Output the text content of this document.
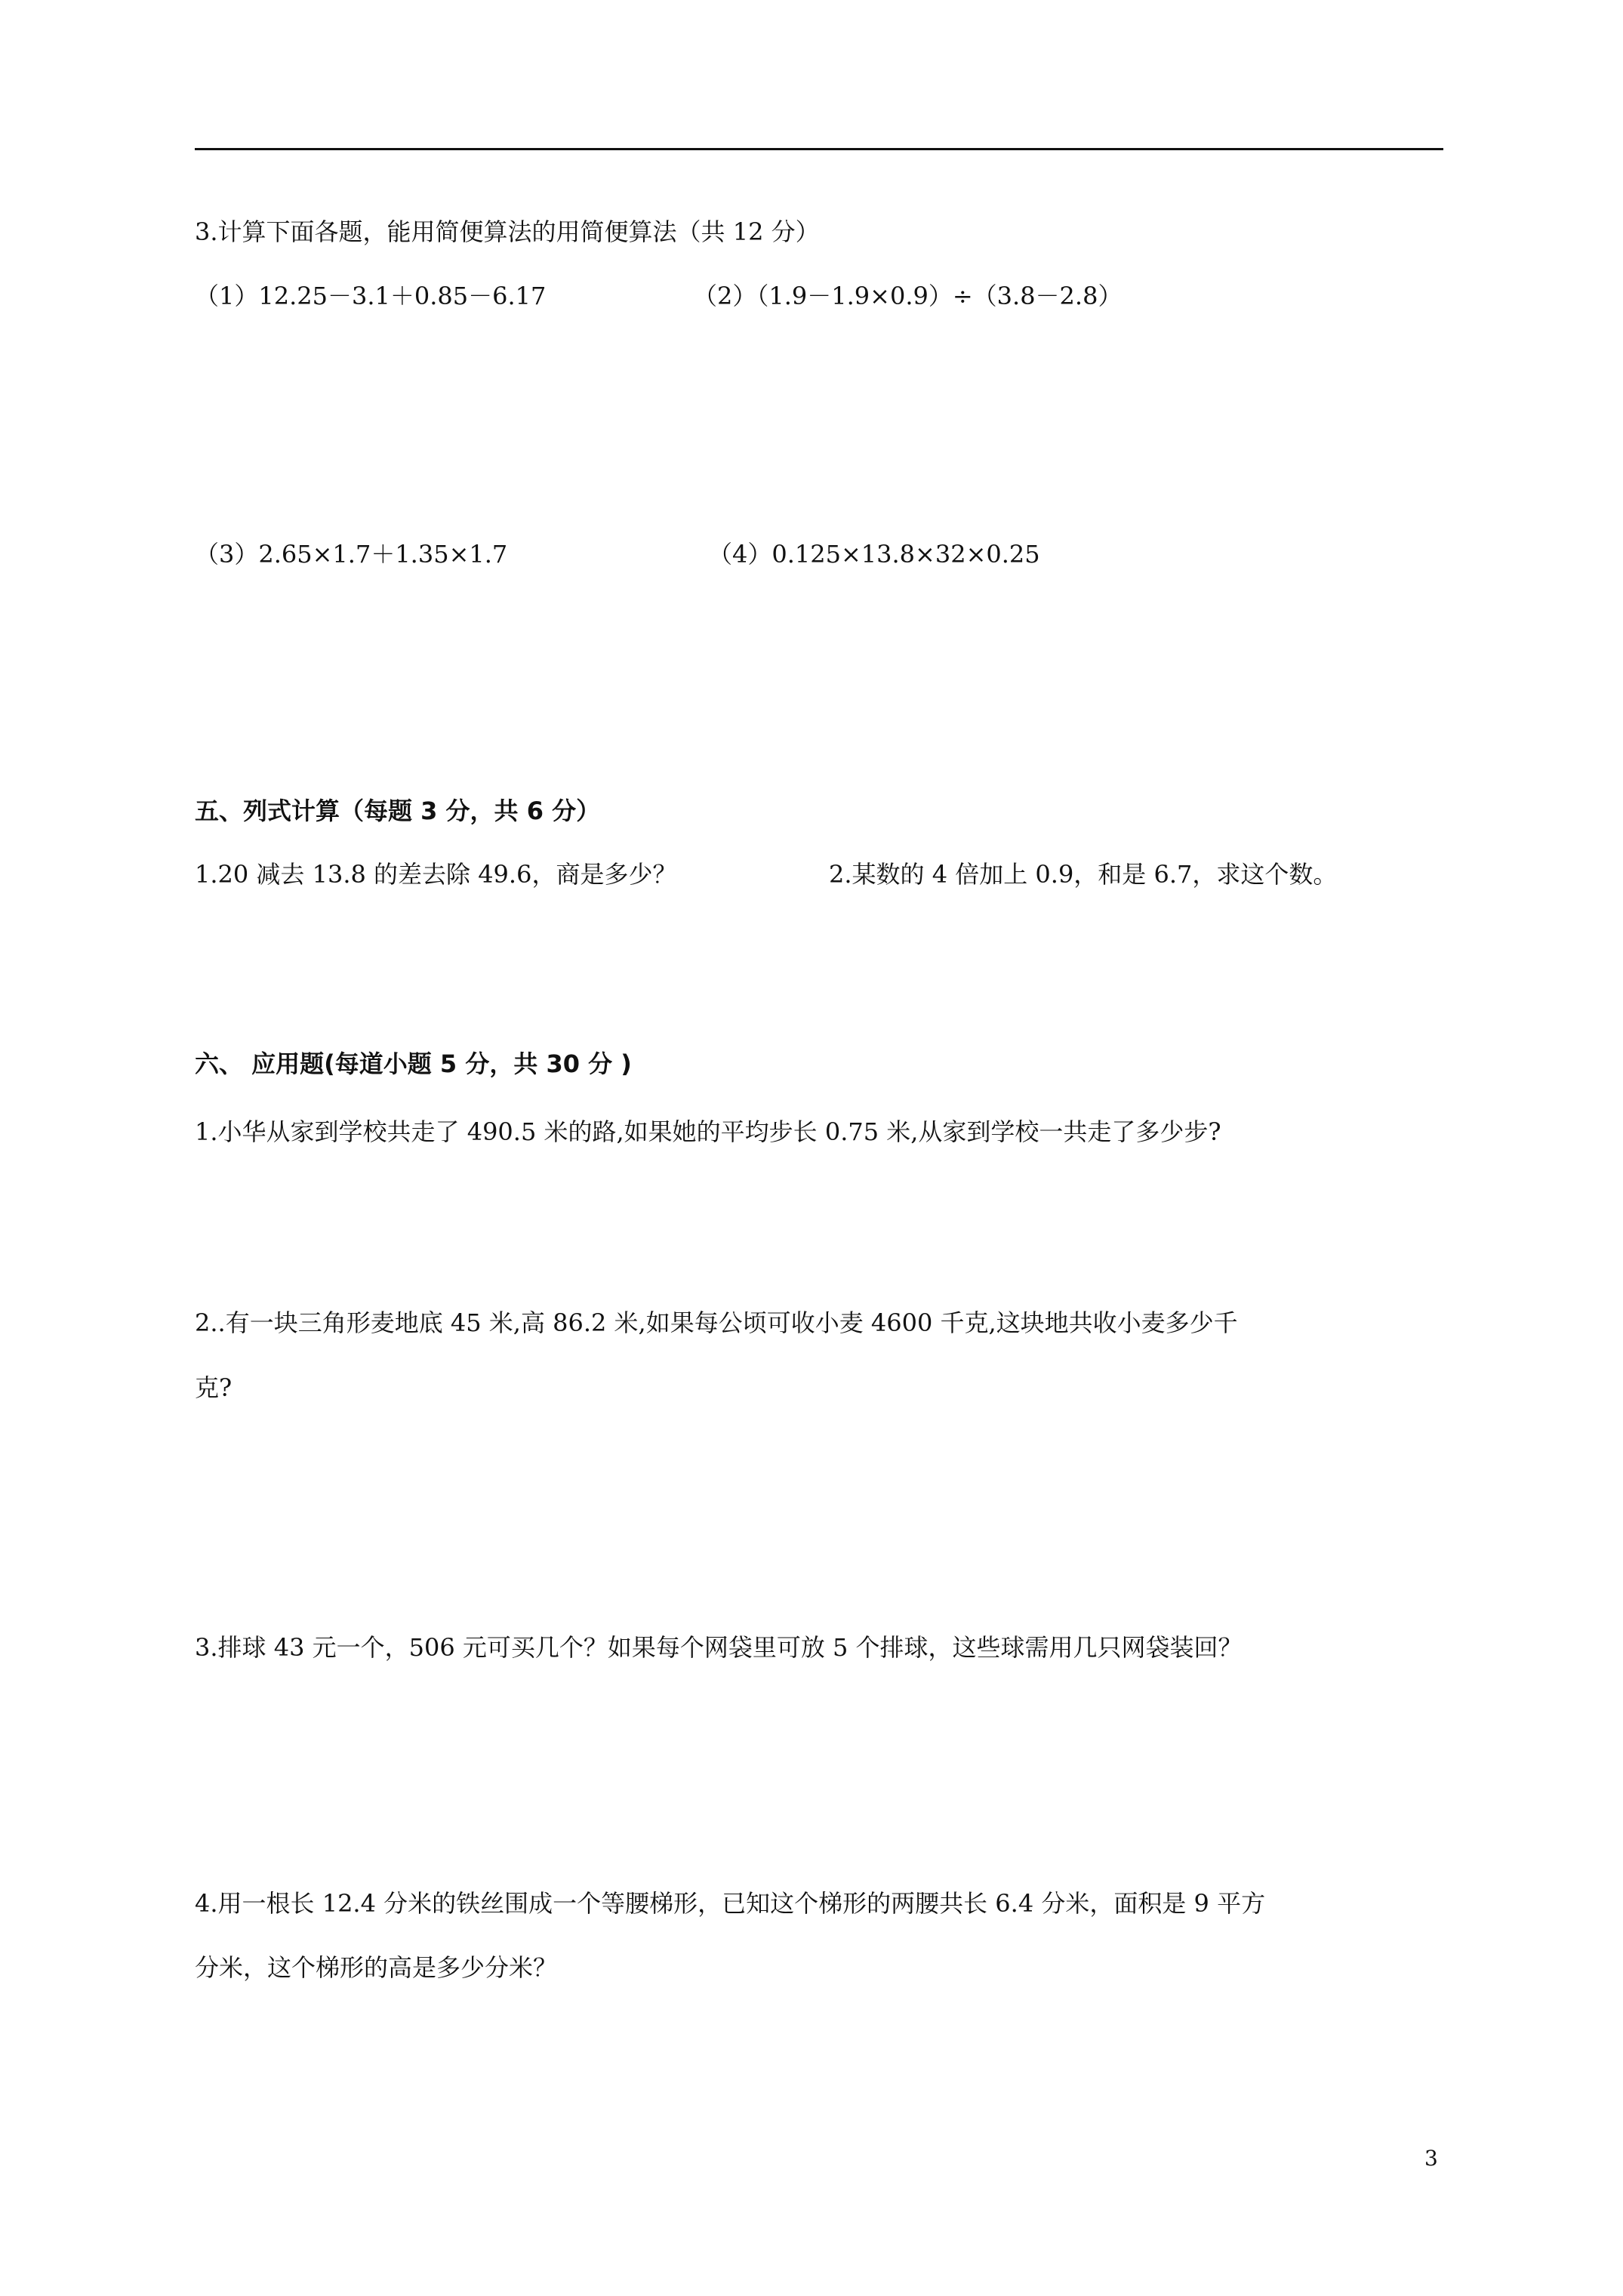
3.计算下面各题，能用简便算法的用简便算法（共 12 分）
（1）12.25－3.1＋0.85－6.17	（2）（1.9－1.9×0.9）÷（3.8－2.8）
（3）2.65×1.7＋1.35×1.7	（4）0.125×13.8×32×0.25
五、列式计算（每题 3 分，共 6 分）
1.20 减去 13.8 的差去除 49.6，商是多少？	2.某数的 4 倍加上 0.9，和是 6.7，求这个数。
六、 应用题(每道小题 5 分，共 30 分 )
1.小华从家到学校共走了 490.5 米的路,如果她的平均步长 0.75 米,从家到学校一共走了多少步?
2..有一块三角形麦地底 45 米,高 86.2 米,如果每公顷可收小麦 4600 千克,这块地共收小麦多少千
克?
3.排球 43 元一个，506 元可买几个？如果每个网袋里可放 5 个排球，这些球需用几只网袋装回？
4.用一根长 12.4 分米的铁丝围成一个等腰梯形，已知这个梯形的两腰共长 6.4 分米，面积是 9 平方
分米，这个梯形的高是多少分米？
3
